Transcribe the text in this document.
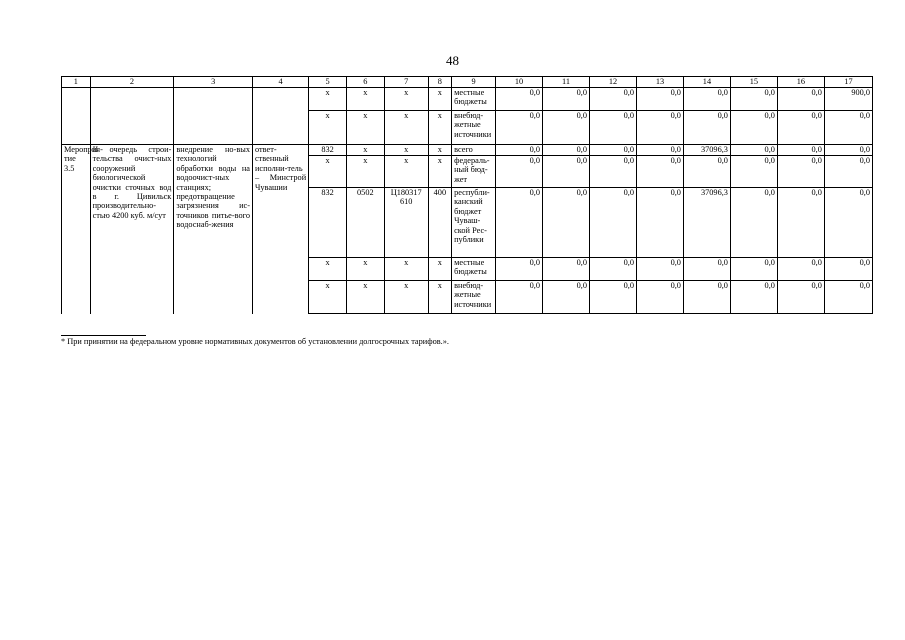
48
1	2	3	4	5	6	7	8	9	10	11	12	13	14	15	16	17
				x	x	x	x	местные бюджеты	0,0	0,0	0,0	0,0	0,0	0,0	0,0	900,0
				x	x	x	x	внебюд-жетные источники	0,0	0,0	0,0	0,0	0,0	0,0	0,0	0,0
Мероприя-тие 3.5	II очередь строи-тельства очист-ных сооружений биологической очистки сточных вод в г. Цивильск производительно-стью 4200 куб. м/сут	внедрение но-вых технологий обработки воды на водоочист-ных станциях; предотвращение загрязнения ис-точников питье-вого водоснаб-жения	ответ-ственный исполни-тель – Минстрой Чувашии	832	x	x	x	всего	0,0	0,0	0,0	0,0	37096,3	0,0	0,0	0,0
				x	x	x	x	федераль-ный бюд-жет	0,0	0,0	0,0	0,0	0,0	0,0	0,0	0,0
				832	0502	Ц180317 610	400	республи-канский бюджет Чуваш-ской Рес-публики	0,0	0,0	0,0	0,0	37096,3	0,0	0,0	0,0
				x	x	x	x	местные бюджеты	0,0	0,0	0,0	0,0	0,0	0,0	0,0	0,0
				x	x	x	x	внебюд-жетные источники	0,0	0,0	0,0	0,0	0,0	0,0	0,0	0,0
* При принятии на федеральном уровне нормативных документов об установлении долгосрочных тарифов.».
